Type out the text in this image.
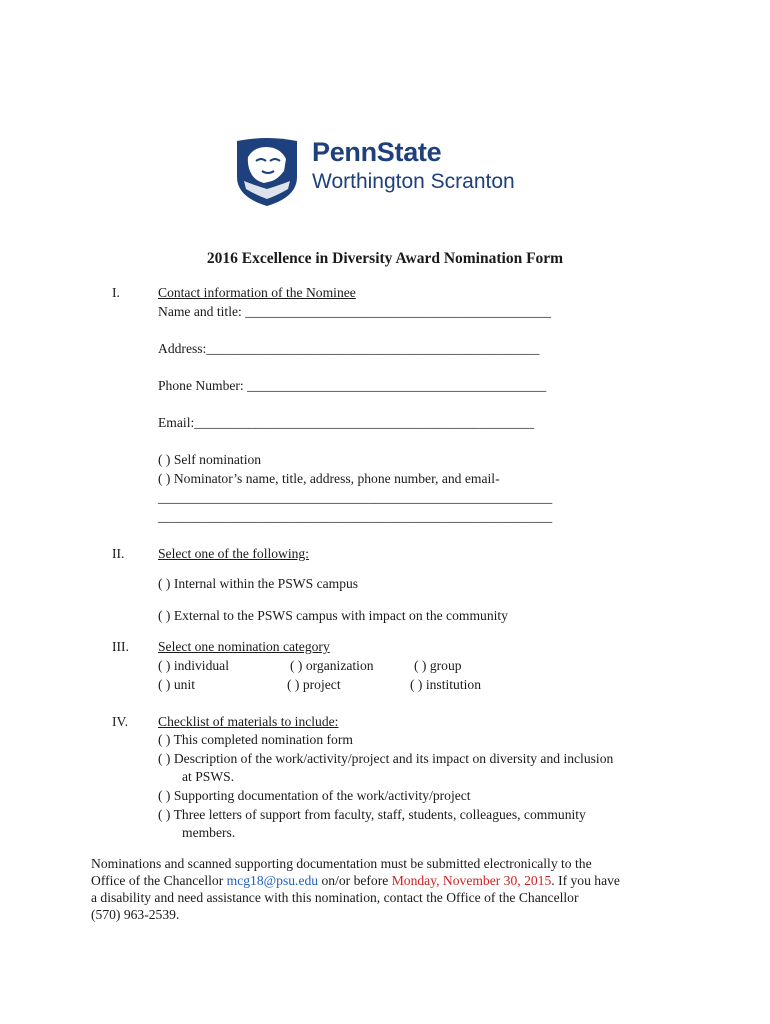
PennState
Worthington Scranton
2016 Excellence in Diversity Award Nomination Form
I.	Contact information of the Nominee
Name and title: _____________________________________________
Address:_________________________________________________
Phone Number: ____________________________________________
Email:__________________________________________________
( ) Self nomination
( ) Nominator’s name, title, address, phone number, and email-
__________________________________________________________
__________________________________________________________
II. Select one of the following:
( ) Internal within the PSWS campus
( ) External to the PSWS campus with impact on the community
III. Select one nomination category
( ) individual	( ) organization	( ) group
( ) unit	( ) project	( ) institution
IV. Checklist of materials to include:
( ) This completed nomination form
( ) Description of the work/activity/project and its impact on diversity and inclusion
at PSWS.
( ) Supporting documentation of the work/activity/project
( ) Three letters of support from faculty, staff, students, colleagues, community
members.
Nominations and scanned supporting documentation must be submitted electronically to the
Office of the Chancellor mcg18@psu.edu on/or before Monday, November 30, 2015. If you have
a disability and need assistance with this nomination, contact the Office of the Chancellor
(570) 963-2539.
